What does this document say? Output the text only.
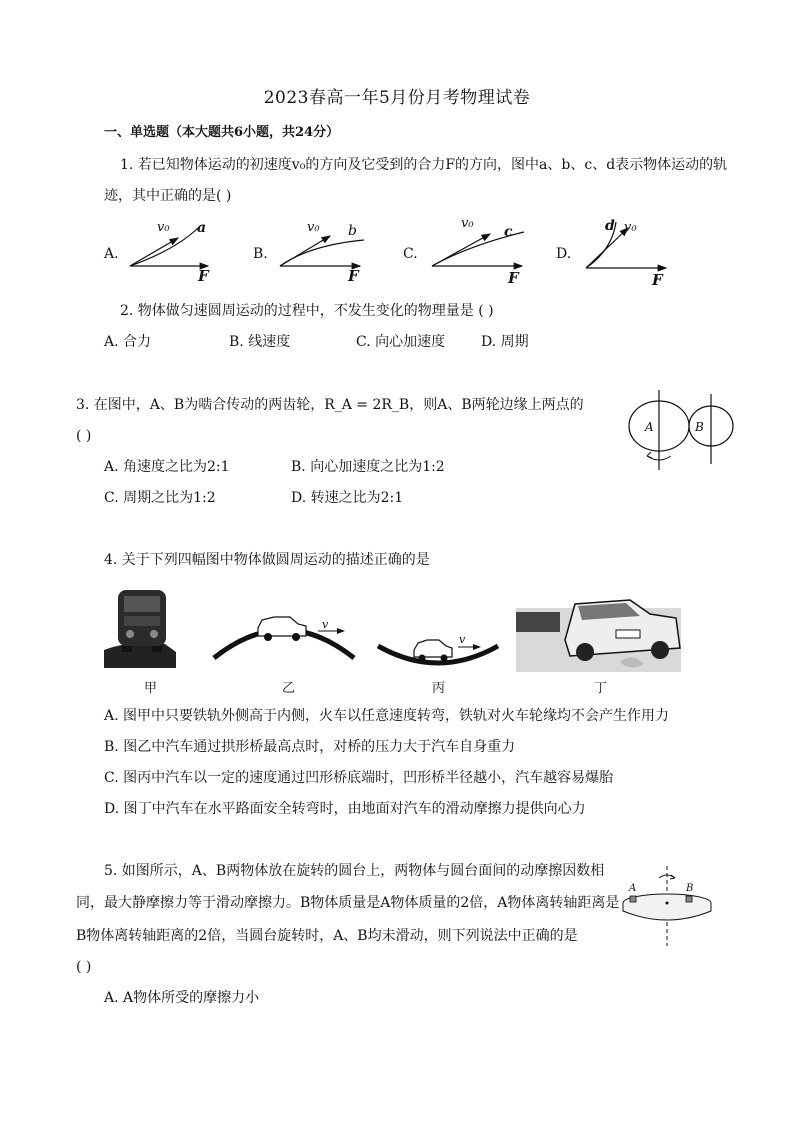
2023春高一年5月份月考物理试卷
一、单选题（本大题共6小题，共24分）
1. 若已知物体运动的初速度v₀的方向及它受到的合力F的方向，图中a、b、c、d表示物体运动的轨
迹，其中正确的是( )
A.	B.	C.	D.
v₀ a
F
v₀ b
F
v₀
c
F
d v₀
F
2. 物体做匀速圆周运动的过程中，不发生变化的物理量是 ( )
A. 合力	B. 线速度	C. 向心加速度	D. 周期
3. 在图中，A、B为啮合传动的两齿轮，R_A = 2R_B，则A、B两轮边缘上两点的
( )
A. 角速度之比为2:1	B. 向心加速度之比为1:2
C. 周期之比为1:2	D. 转速之比为2:1
A	B
4. 关于下列四幅图中物体做圆周运动的描述正确的是
甲	乙	丙	丁
v
v
A. 图甲中只要铁轨外侧高于内侧，火车以任意速度转弯，铁轨对火车轮缘均不会产生作用力
B. 图乙中汽车通过拱形桥最高点时，对桥的压力大于汽车自身重力
C. 图丙中汽车以一定的速度通过凹形桥底端时，凹形桥半径越小，汽车越容易爆胎
D. 图丁中汽车在水平路面安全转弯时，由地面对汽车的滑动摩擦力提供向心力
5. 如图所示，A、B两物体放在旋转的圆台上，两物体与圆台面间的动摩擦因数相
同，最大静摩擦力等于滑动摩擦力。B物体质量是A物体质量的2倍，A物体离转轴距离是
B物体离转轴距离的2倍，当圆台旋转时，A、B均未滑动，则下列说法中正确的是
( )
A. A物体所受的摩擦力小
A	B
